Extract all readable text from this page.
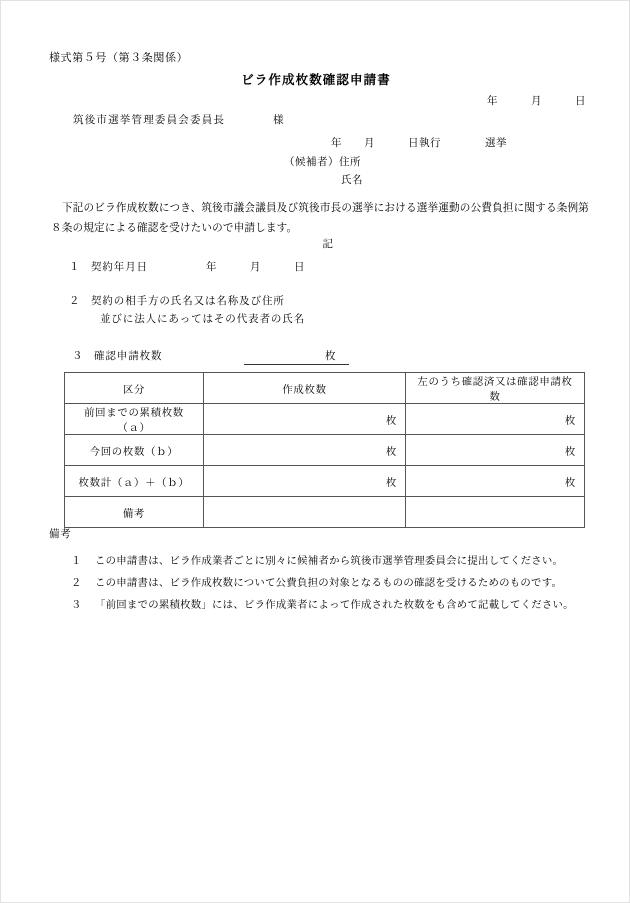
様式第５号（第３条関係）
ビラ作成枚数確認申請書
年　　　月　　　日
筑後市選挙管理委員会委員長	様
年　　月　　　日執行　　　　選挙
（候補者）住所
氏名
下記のビラ作成枚数につき、筑後市議会議員及び筑後市長の選挙における選挙運動の公費負担に関する条例第８条の規定による確認を受けたいので申請します。
記
１ 契約年月日	年　　　月　　　日
２ 契約の相手方の氏名又は名称及び住所
並びに法人にあってはその代表者の氏名
３ 確認申請枚数	枚
区分	作成枚数	左のうち確認済又は確認申請枚数
前回までの累積枚数（ａ）	枚	枚
今回の枚数（ｂ）	枚	枚
枚数計（ａ）＋（ｂ）	枚	枚
備考		
備考
１ この申請書は、ビラ作成業者ごとに別々に候補者から筑後市選挙管理委員会に提出してください。
２ この申請書は、ビラ作成枚数について公費負担の対象となるものの確認を受けるためのものです。
３ 「前回までの累積枚数」には、ビラ作成業者によって作成された枚数をも含めて記載してください。
